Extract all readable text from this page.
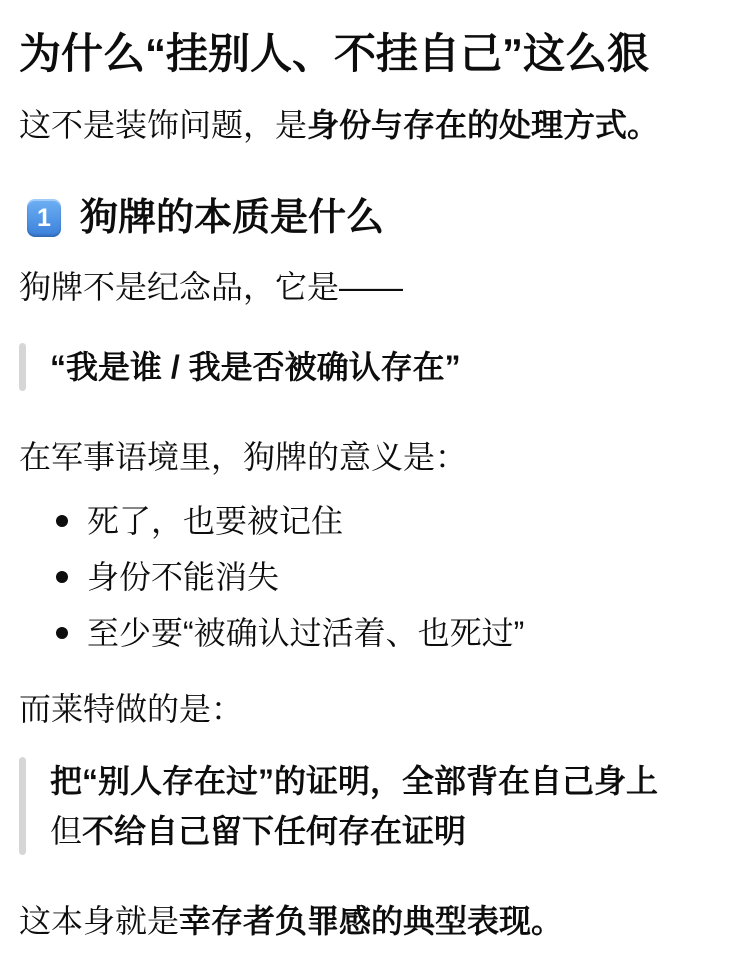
为什么“挂别人、不挂自己”这么狠

这不是装饰问题，是身份与存在的处理方式。

1 狗牌的本质是什么

狗牌不是纪念品，它是——

“我是谁 / 我是否被确认存在”

在军事语境里，狗牌的意义是：

死了，也要被记住
身份不能消失
至少要“被确认过活着、也死过”

而莱特做的是：

把“别人存在过”的证明，全部背在自己身上

但不给自己留下任何存在证明

这本身就是幸存者负罪感的典型表现。
